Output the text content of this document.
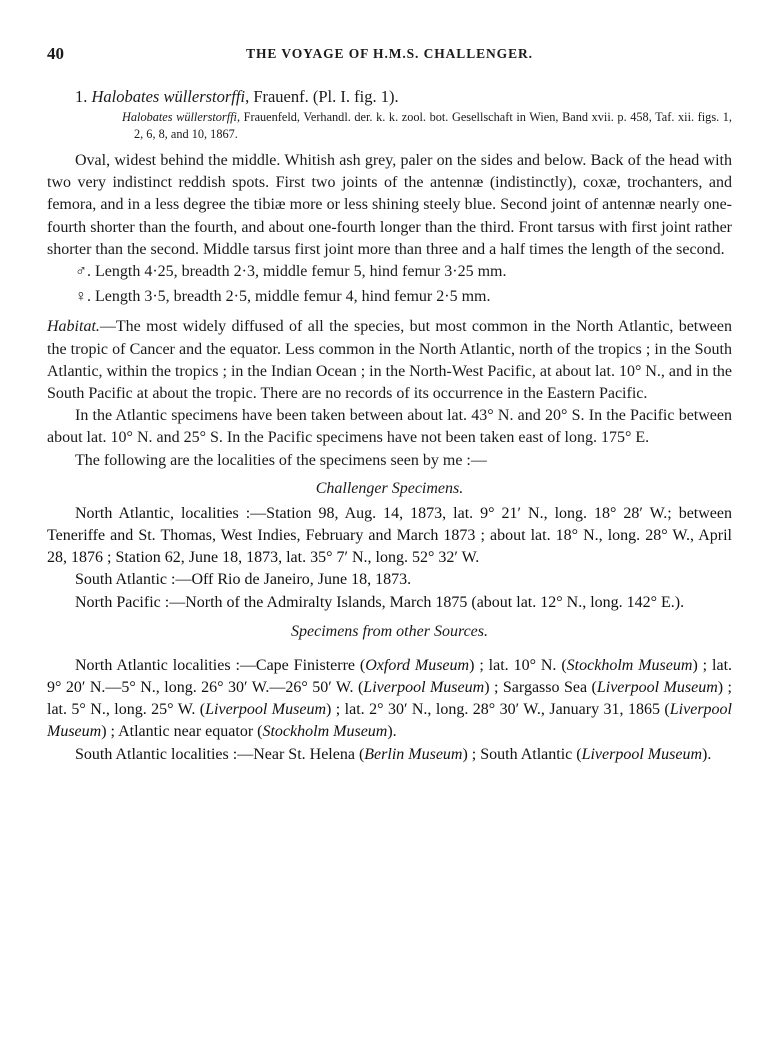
40	THE VOYAGE OF H.M.S. CHALLENGER.

1. Halobates wüllerstorffi, Frauenf. (Pl. I. fig. 1).

Halobates wüllerstorffi, Frauenfeld, Verhandl. der. k. k. zool. bot. Gesellschaft in Wien, Band xvii. p. 458, Taf. xii. figs. 1, 2, 6, 8, and 10, 1867.

Oval, widest behind the middle. Whitish ash grey, paler on the sides and below. Back of the head with two very indistinct reddish spots. First two joints of the antennæ (indistinctly), coxæ, trochanters, and femora, and in a less degree the tibiæ more or less shining steely blue. Second joint of antennæ nearly one-fourth shorter than the fourth, and about one-fourth longer than the third. Front tarsus with first joint rather shorter than the second. Middle tarsus first joint more than three and a half times the length of the second.

♂. Length 4·25, breadth 2·3, middle femur 5, hind femur 3·25 mm.

♀. Length 3·5, breadth 2·5, middle femur 4, hind femur 2·5 mm.

Habitat.—The most widely diffused of all the species, but most common in the North Atlantic, between the tropic of Cancer and the equator. Less common in the North Atlantic, north of the tropics ; in the South Atlantic, within the tropics ; in the Indian Ocean ; in the North-West Pacific, at about lat. 10° N., and in the South Pacific at about the tropic. There are no records of its occurrence in the Eastern Pacific.

In the Atlantic specimens have been taken between about lat. 43° N. and 20° S. In the Pacific between about lat. 10° N. and 25° S. In the Pacific specimens have not been taken east of long. 175° E.

The following are the localities of the specimens seen by me :—

Challenger Specimens.

North Atlantic, localities :—Station 98, Aug. 14, 1873, lat. 9° 21′ N., long. 18° 28′ W.; between Teneriffe and St. Thomas, West Indies, February and March 1873 ; about lat. 18° N., long. 28° W., April 28, 1876 ; Station 62, June 18, 1873, lat. 35° 7′ N., long. 52° 32′ W.

South Atlantic :—Off Rio de Janeiro, June 18, 1873.

North Pacific :—North of the Admiralty Islands, March 1875 (about lat. 12° N., long. 142° E.).

Specimens from other Sources.

North Atlantic localities :—Cape Finisterre (Oxford Museum) ; lat. 10° N. (Stockholm Museum) ; lat. 9° 20′ N.—5° N., long. 26° 30′ W.—26° 50′ W. (Liverpool Museum) ; Sargasso Sea (Liverpool Museum) ; lat. 5° N., long. 25° W. (Liverpool Museum) ; lat. 2° 30′ N., long. 28° 30′ W., January 31, 1865 (Liverpool Museum) ; Atlantic near equator (Stockholm Museum).

South Atlantic localities :—Near St. Helena (Berlin Museum) ; South Atlantic (Liverpool Museum).
